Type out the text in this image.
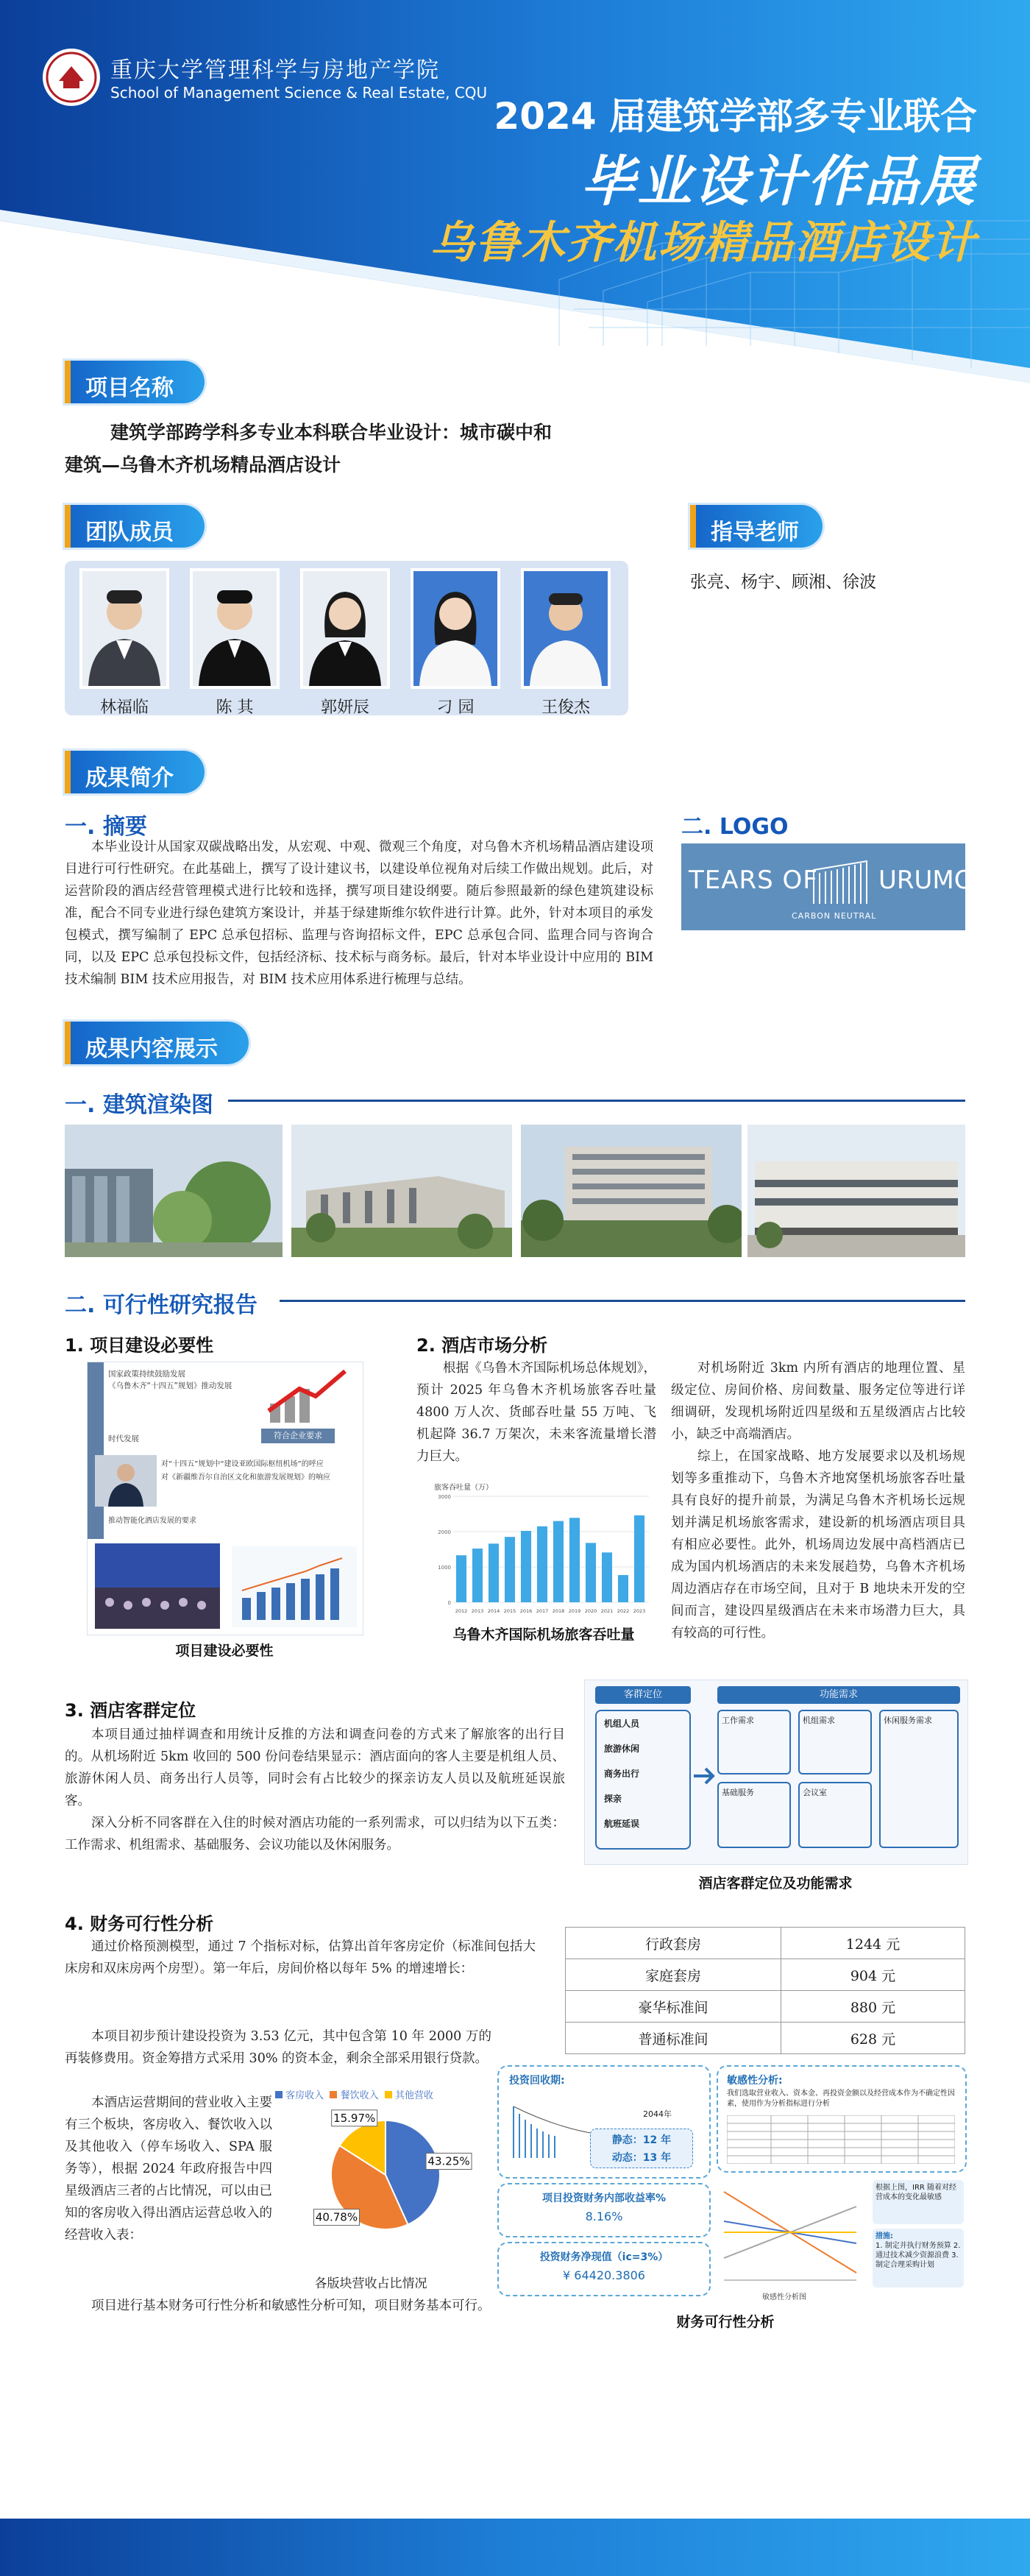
重庆大学管理科学与房地产学院
School of Management Science & Real Estate, CQU
2024 届建筑学部多专业联合
毕业设计作品展
乌鲁木齐机场精品酒店设计
项目名称
建筑学部跨学科多专业本科联合毕业设计：城市碳中和
建筑—乌鲁木齐机场精品酒店设计
团队成员
林福临	陈 其	郭妍辰	刁 园	王俊杰
指导老师
张亮、杨宇、顾湘、徐波
成果简介
一. 摘要
本毕业设计从国家双碳战略出发，从宏观、中观、微观三个角度，对乌鲁木齐机场精品酒店建设项目进行可行性研究。在此基础上，撰写了设计建议书，以建设单位视角对后续工作做出规划。此后，对运营阶段的酒店经营管理模式进行比较和选择，撰写项目建设纲要。随后参照最新的绿色建筑建设标准，配合不同专业进行绿色建筑方案设计，并基于绿建斯维尔软件进行计算。此外，针对本项目的承发包模式，撰写编制了 EPC 总承包招标、监理与咨询招标文件，EPC 总承包合同、监理合同与咨询合同，以及 EPC 总承包投标文件，包括经济标、技术标与商务标。最后，针对本毕业设计中应用的 BIM 技术编制 BIM 技术应用报告，对 BIM 技术应用体系进行梳理与总结。
二. LOGO
TEARS OF URUMQI
CARBON NEUTRAL
成果内容展示
一. 建筑渲染图
二. 可行性研究报告
1. 项目建设必要性
国家政策持续鼓励发展
《乌鲁木齐“十四五”规划》推动发展
符合企业要求
时代发展
对“十四五”规划中“建设亚欧国际枢纽机场”的呼应
对《新疆维吾尔自治区文化和旅游发展规划》的响应
推动智能化酒店发展的要求
项目建设必要性
2. 酒店市场分析
根据《乌鲁木齐国际机场总体规划》，预计 2025 年乌鲁木齐机场旅客吞吐量 4800 万人次、货邮吞吐量 55 万吨、飞机起降 36.7 万架次，未来客流量增长潜力巨大。
对机场附近 3km 内所有酒店的地理位置、星级定位、房间价格、房间数量、服务定位等进行详细调研，发现机场附近四星级和五星级酒店占比较小，缺乏中高端酒店。
综上，在国家战略、地方发展要求以及机场规划等多重推动下，乌鲁木齐地窝堡机场旅客吞吐量具有良好的提升前景，为满足乌鲁木齐机场长远规划并满足机场旅客需求，建设新的机场酒店项目具有相应必要性。此外，机场周边发展中高档酒店已成为国内机场酒店的未来发展趋势，乌鲁木齐机场周边酒店存在市场空间，且对于 B 地块未开发的空间而言，建设四星级酒店在未来市场潜力巨大，具有较高的可行性。
旅客吞吐量（万）
0
1000
2000
3000
2012 2013 2014 2015 2016 2017 2018 2019 2020 2021 2022 2023
乌鲁木齐国际机场旅客吞吐量
3. 酒店客群定位
本项目通过抽样调查和用统计反推的方法和调查问卷的方式来了解旅客的出行目的。从机场附近 5km 收回的 500 份问卷结果显示：酒店面向的客人主要是机组人员、旅游休闲人员、商务出行人员等，同时会有占比较少的探亲访友人员以及航班延误旅客。
深入分析不同客群在入住的时候对酒店功能的一系列需求，可以归结为以下五类：工作需求、机组需求、基础服务、会议功能以及休闲服务。
客群定位	功能需求
机组人员
旅游休闲
商务出行
探亲
航班延误
工作需求	机组需求
基础服务	会议室
休闲服务需求
酒店客群定位及功能需求
4. 财务可行性分析
通过价格预测模型，通过 7 个指标对标，估算出首年客房定价（标准间包括大床房和双床房两个房型）。第一年后，房间价格以每年 5% 的增速增长：
行政套房	1244 元
家庭套房	904 元
豪华标准间	880 元
普通标准间	628 元
本项目初步预计建设投资为 3.53 亿元，其中包含第 10 年 2000 万的再装修费用。资金筹措方式采用 30% 的资本金，剩余全部采用银行贷款。
本酒店运营期间的营业收入主要有三个板块，客房收入、餐饮收入以及其他收入（停车场收入、SPA 服务等），根据 2024 年政府报告中四星级酒店三者的占比情况，可以由已知的客房收入得出酒店运营总收入的经营收入表：
客房收入 餐饮收入 其他营收
43.25%
40.78%
15.97%
各版块营收占比情况
项目进行基本财务可行性分析和敏感性分析可知，项目财务基本可行。
投资回收期:
2044年
静态：12 年
动态：13 年
项目投资财务内部收益率%
8.16%
投资财务净现值（ic=3%）
¥ 64420.3806
敏感性分析:
我们选取营业收入、资本金、再投资金额以及经营成本作为不确定性因素，使用作为分析指标进行分析
敏感性分析图
根据上图，IRR 随着对经营成本的变化最敏感
措施:
1. 制定并执行财务预算 2. 通过技术减少资源浪费 3. 制定合理采购计划
财务可行性分析
